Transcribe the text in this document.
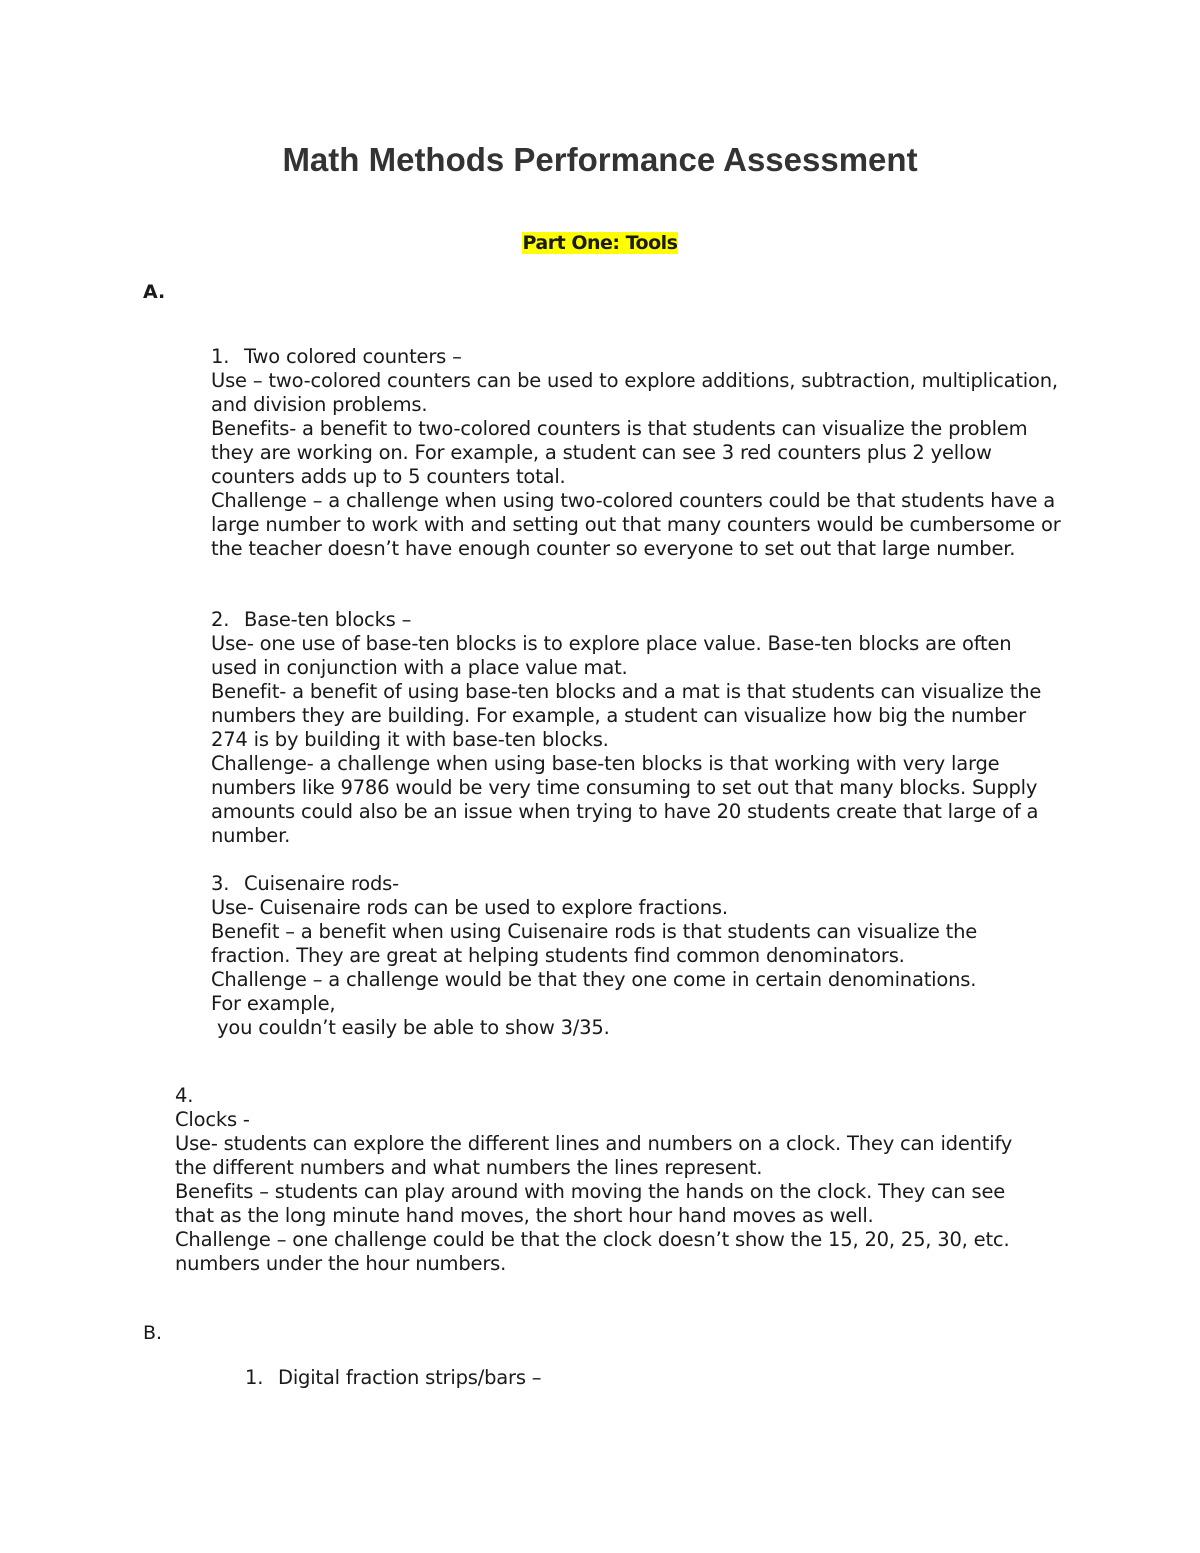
Math Methods Performance Assessment
Part One: Tools
A.
1. Two colored counters –
Use – two-colored counters can be used to explore additions, subtraction, multiplication, and division problems.
Benefits- a benefit to two-colored counters is that students can visualize the problem they are working on. For example, a student can see 3 red counters plus 2 yellow counters adds up to 5 counters total.
Challenge – a challenge when using two-colored counters could be that students have a large number to work with and setting out that many counters would be cumbersome or the teacher doesn’t have enough counter so everyone to set out that large number.
2. Base-ten blocks –
Use- one use of base-ten blocks is to explore place value. Base-ten blocks are often used in conjunction with a place value mat.
Benefit- a benefit of using base-ten blocks and a mat is that students can visualize the numbers they are building. For example, a student can visualize how big the number 274 is by building it with base-ten blocks.
Challenge- a challenge when using base-ten blocks is that working with very large numbers like 9786 would be very time consuming to set out that many blocks. Supply amounts could also be an issue when trying to have 20 students create that large of a number.
3. Cuisenaire rods-
Use- Cuisenaire rods can be used to explore fractions.
Benefit – a benefit when using Cuisenaire rods is that students can visualize the fraction. They are great at helping students find common denominators.
Challenge – a challenge would be that they one come in certain denominations.
For example,
you couldn’t easily be able to show 3/35.
4.
Clocks -
Use- students can explore the different lines and numbers on a clock. They can identify the different numbers and what numbers the lines represent.
Benefits – students can play around with moving the hands on the clock. They can see that as the long minute hand moves, the short hour hand moves as well.
Challenge – one challenge could be that the clock doesn’t show the 15, 20, 25, 30, etc. numbers under the hour numbers.
B.
1. Digital fraction strips/bars –
